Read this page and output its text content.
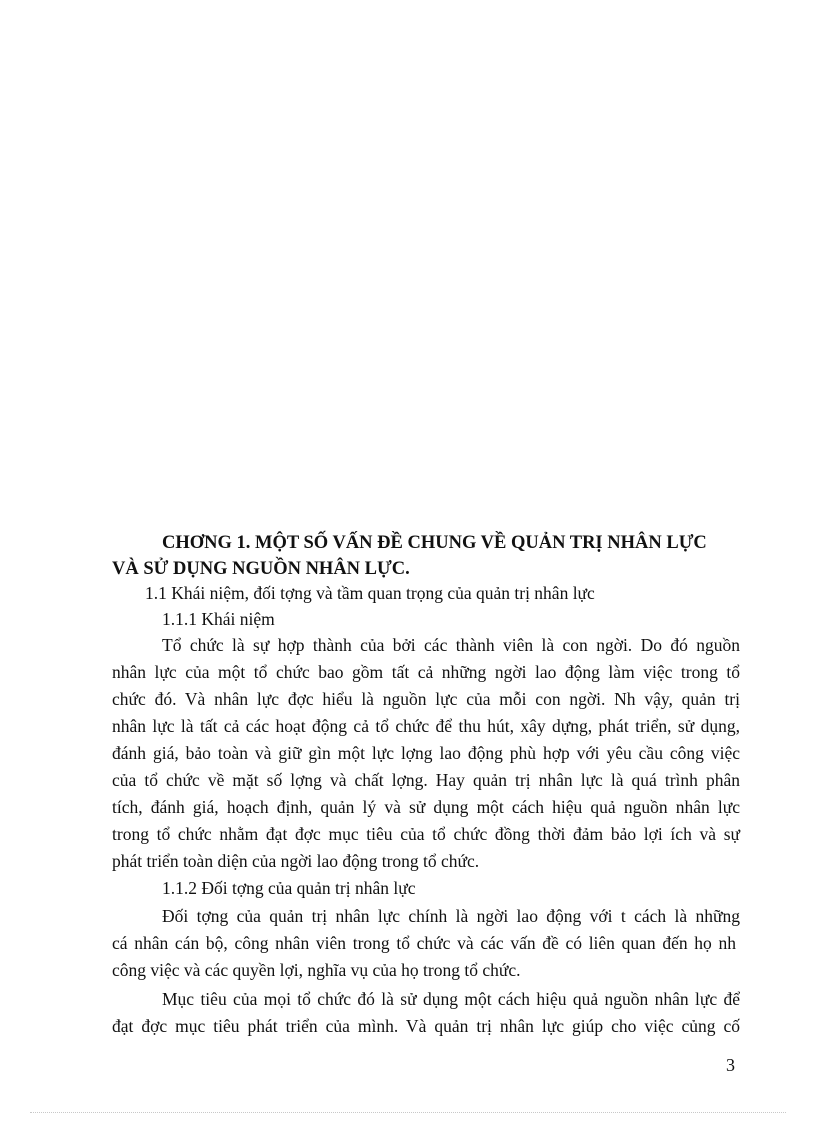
CHƠNG 1. MỘT SỐ VẤN ĐỀ CHUNG VỀ QUẢN TRỊ NHÂN LỰC
VÀ SỬ DỤNG NGUỒN NHÂN LỰC.

1.1 Khái niệm, đối tợng và tầm quan trọng của quản trị nhân lực

1.1.1 Khái niệm

Tổ chức là sự hợp thành của bởi các thành viên là con ngời. Do đó nguồn

nhân lực của một tổ chức bao gồm tất cả những ngời lao động làm việc trong tổ

chức đó. Và nhân lực đợc hiểu là nguồn lực của mỗi con ngời. Nh vậy, quản trị

nhân lực là tất cả các hoạt động cả tổ chức để thu hút, xây dựng, phát triển, sử dụng,

đánh giá, bảo toàn và giữ gìn một lực lợng lao động phù hợp với yêu cầu công việc

của tổ chức về mặt số lợng và chất lợng. Hay quản trị nhân lực là quá trình phân

tích, đánh giá, hoạch định, quản lý và sử dụng một cách hiệu quả nguồn nhân lực

trong tổ chức nhằm đạt đợc mục tiêu của tổ chức đồng thời đảm bảo lợi ích và sự

phát triển toàn diện của ngời lao động trong tổ chức.

1.1.2 Đối tợng của quản trị nhân lực

Đối tợng của quản trị nhân lực chính là ngời lao động với t cách là những

cá nhân cán bộ, công nhân viên trong tổ chức và các vấn đề có liên quan đến họ nh

công việc và các quyền lợi, nghĩa vụ của họ trong tổ chức.

Mục tiêu của mọi tổ chức đó là sử dụng một cách hiệu quả nguồn nhân lực để

đạt đợc mục tiêu phát triển của mình. Và quản trị nhân lực giúp cho việc củng cố

3
